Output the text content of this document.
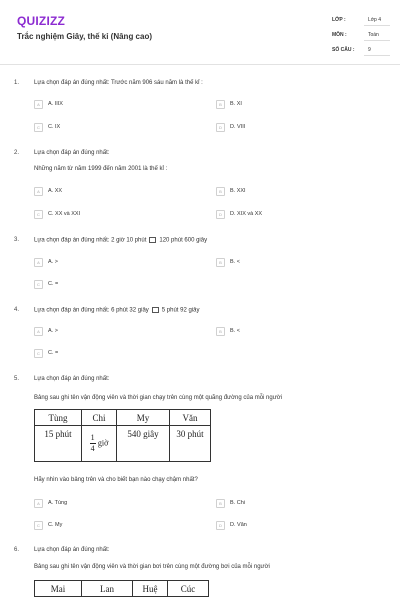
QUIZIZZ
Trắc nghiệm Giây, thế kỉ (Nâng cao)
LỚP :	Lớp 4
MÔN :	Toán
SỐ CÂU :	9
1. Lựa chọn đáp án đúng nhất: Trước năm 906 sáu năm là thế kỉ :
A	A. IIIX	B	B. XI
C	C. IX	D	D. VIII
2. Lựa chọn đáp án đúng nhất:
Những năm từ năm 1999 đến năm 2001 là thế kỉ :
A	A. XX	B	B. XXI
C	C. XX và XXI	D	D. XIX và XX
3. Lựa chọn đáp án đúng nhất: 2 giờ 10 phút 120 phút 600 giây
A	A. >	B	B. <
C	C. =
4. Lựa chọn đáp án đúng nhất: 6 phút 32 giây 5 phút 92 giây
A	A. >	B	B. <
C	C. =
5. Lựa chọn đáp án đúng nhất:
Bảng sau ghi tên vận động viên và thời gian chạy trên cùng một quãng đường của mỗi người
Tùng	Chi	My	Văn
15 phút	$\frac{1}{4}$ giờ	540 giây	30 phút
Hãy nhìn vào bảng trên và cho biết bạn nào chạy chậm nhất?
A	A. Tùng	B	B. Chi
C	C. My	D	D. Văn
6. Lựa chọn đáp án đúng nhất:
Bảng sau ghi tên vận động viên và thời gian bơi trên cùng một đường bơi của mỗi người
Mai	Lan	Huệ	Cúc
